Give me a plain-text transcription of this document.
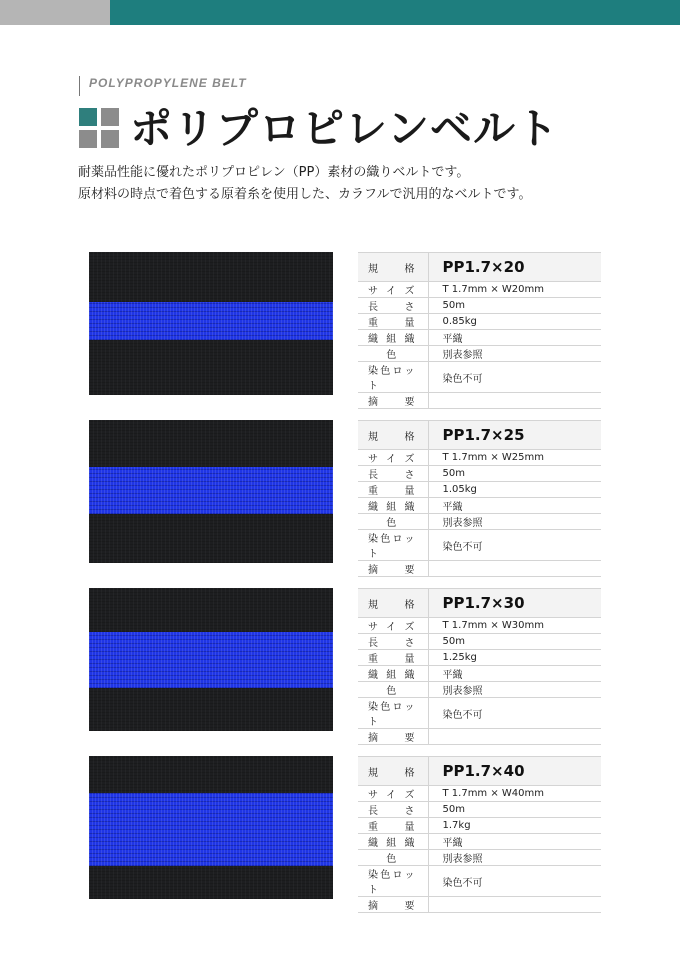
POLYPROPYLENE BELT
ポリプロピレンベルト
耐薬品性能に優れたポリプロピレン（PP）素材の織りベルトです。
原材料の時点で着色する原着糸を使用した、カラフルで汎用的なベルトです。
規格	PP1.7×20
サイズ	T 1.7mm × W20mm
長さ	50m
重量	0.85kg
織組織	平織
色	別表参照
染色ロット	染色不可
摘要	
規格	PP1.7×25
サイズ	T 1.7mm × W25mm
長さ	50m
重量	1.05kg
織組織	平織
色	別表参照
染色ロット	染色不可
摘要	
規格	PP1.7×30
サイズ	T 1.7mm × W30mm
長さ	50m
重量	1.25kg
織組織	平織
色	別表参照
染色ロット	染色不可
摘要	
規格	PP1.7×40
サイズ	T 1.7mm × W40mm
長さ	50m
重量	1.7kg
織組織	平織
色	別表参照
染色ロット	染色不可
摘要	
